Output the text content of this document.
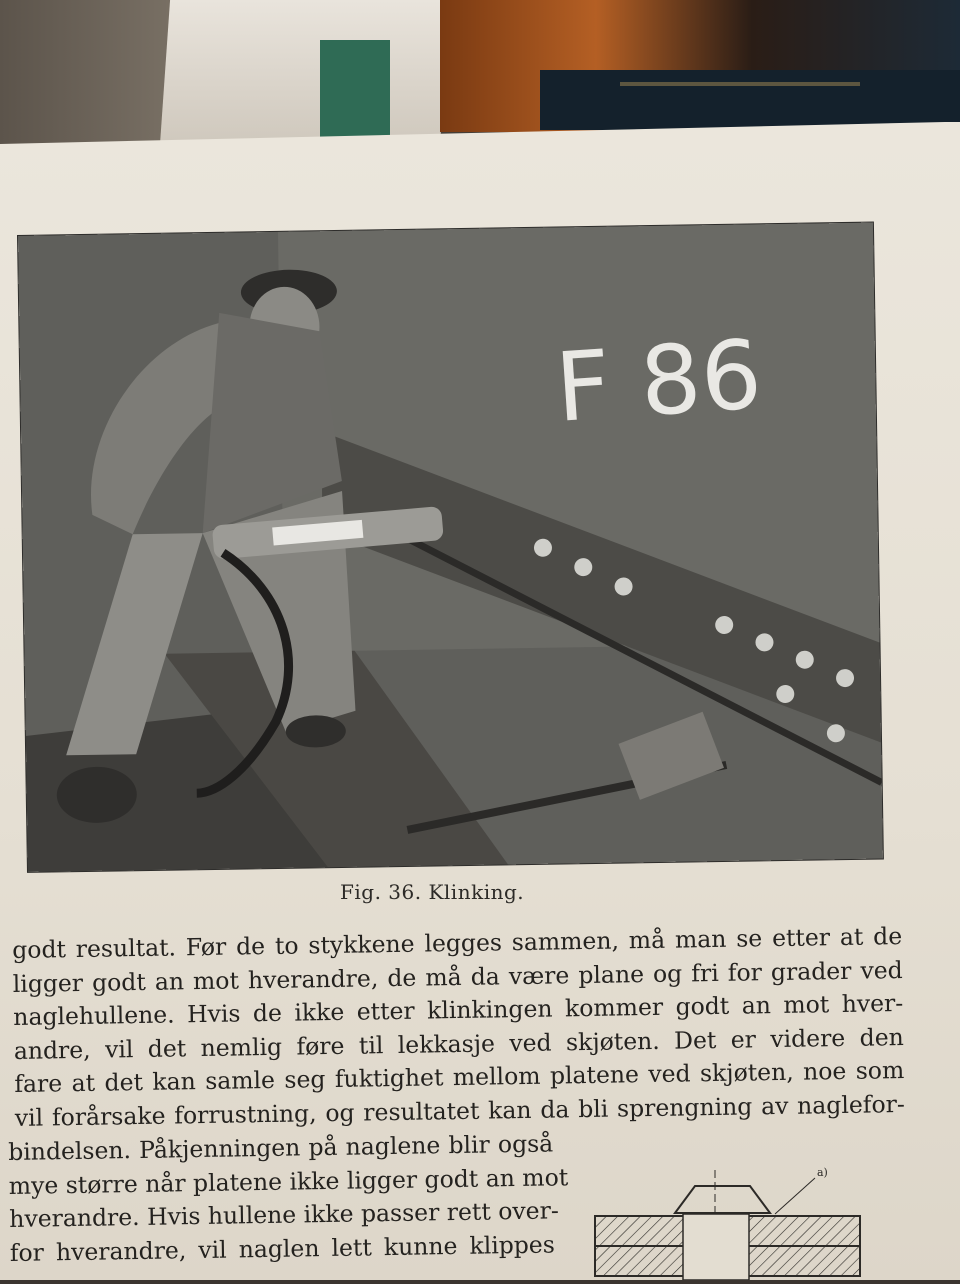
F 86
Fig. 36. Klinking.
godt resultat. Før de to stykkene legges sammen, må man se etter at de
ligger godt an mot hverandre, de må da være plane og fri for grader ved
naglehullene. Hvis de ikke etter klinkingen kommer godt an mot hver-
andre, vil det nemlig føre til lekkasje ved skjøten. Det er videre den
fare at det kan samle seg fuktighet mellom platene ved skjøten, noe som
vil forårsake forrustning, og resultatet kan da bli sprengning av naglefor-
bindelsen. Påkjenningen på naglene blir også
mye større når platene ikke ligger godt an mot
hverandre. Hvis hullene ikke passer rett over-
for hverandre, vil naglen lett kunne klippes
a)
